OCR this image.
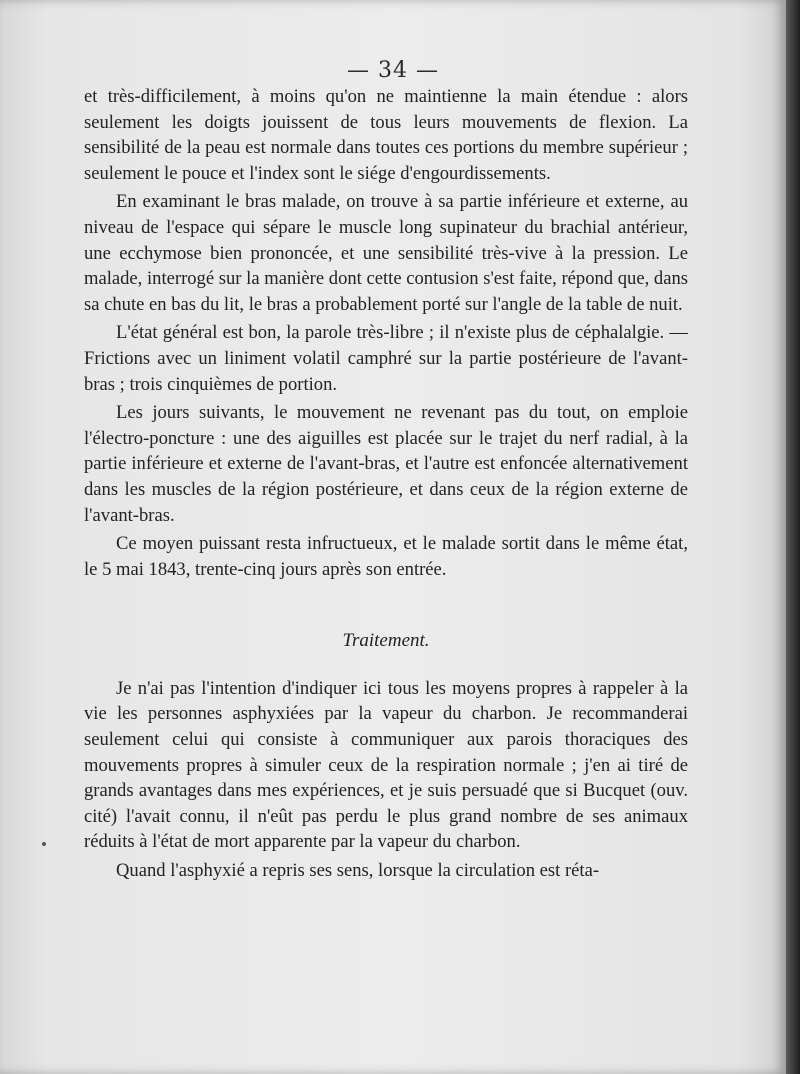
— 34 —

et très-difficilement, à moins qu'on ne maintienne la main étendue : alors seulement les doigts jouissent de tous leurs mouvements de flexion. La sensibilité de la peau est normale dans toutes ces portions du membre supérieur ; seulement le pouce et l'index sont le siége d'engourdissements.

En examinant le bras malade, on trouve à sa partie inférieure et externe, au niveau de l'espace qui sépare le muscle long supinateur du brachial antérieur, une ecchymose bien prononcée, et une sensibilité très-vive à la pression. Le malade, interrogé sur la manière dont cette contusion s'est faite, répond que, dans sa chute en bas du lit, le bras a probablement porté sur l'angle de la table de nuit.

L'état général est bon, la parole très-libre ; il n'existe plus de céphalalgie. — Frictions avec un liniment volatil camphré sur la partie postérieure de l'avant-bras ; trois cinquièmes de portion.

Les jours suivants, le mouvement ne revenant pas du tout, on emploie l'électro-poncture : une des aiguilles est placée sur le trajet du nerf radial, à la partie inférieure et externe de l'avant-bras, et l'autre est enfoncée alternativement dans les muscles de la région postérieure, et dans ceux de la région externe de l'avant-bras.

Ce moyen puissant resta infructueux, et le malade sortit dans le même état, le 5 mai 1843, trente-cinq jours après son entrée.

Traitement.

Je n'ai pas l'intention d'indiquer ici tous les moyens propres à rappeler à la vie les personnes asphyxiées par la vapeur du charbon. Je recommanderai seulement celui qui consiste à communiquer aux parois thoraciques des mouvements propres à simuler ceux de la respiration normale ; j'en ai tiré de grands avantages dans mes expériences, et je suis persuadé que si Bucquet (ouv. cité) l'avait connu, il n'eût pas perdu le plus grand nombre de ses animaux réduits à l'état de mort apparente par la vapeur du charbon.

Quand l'asphyxié a repris ses sens, lorsque la circulation est réta-
